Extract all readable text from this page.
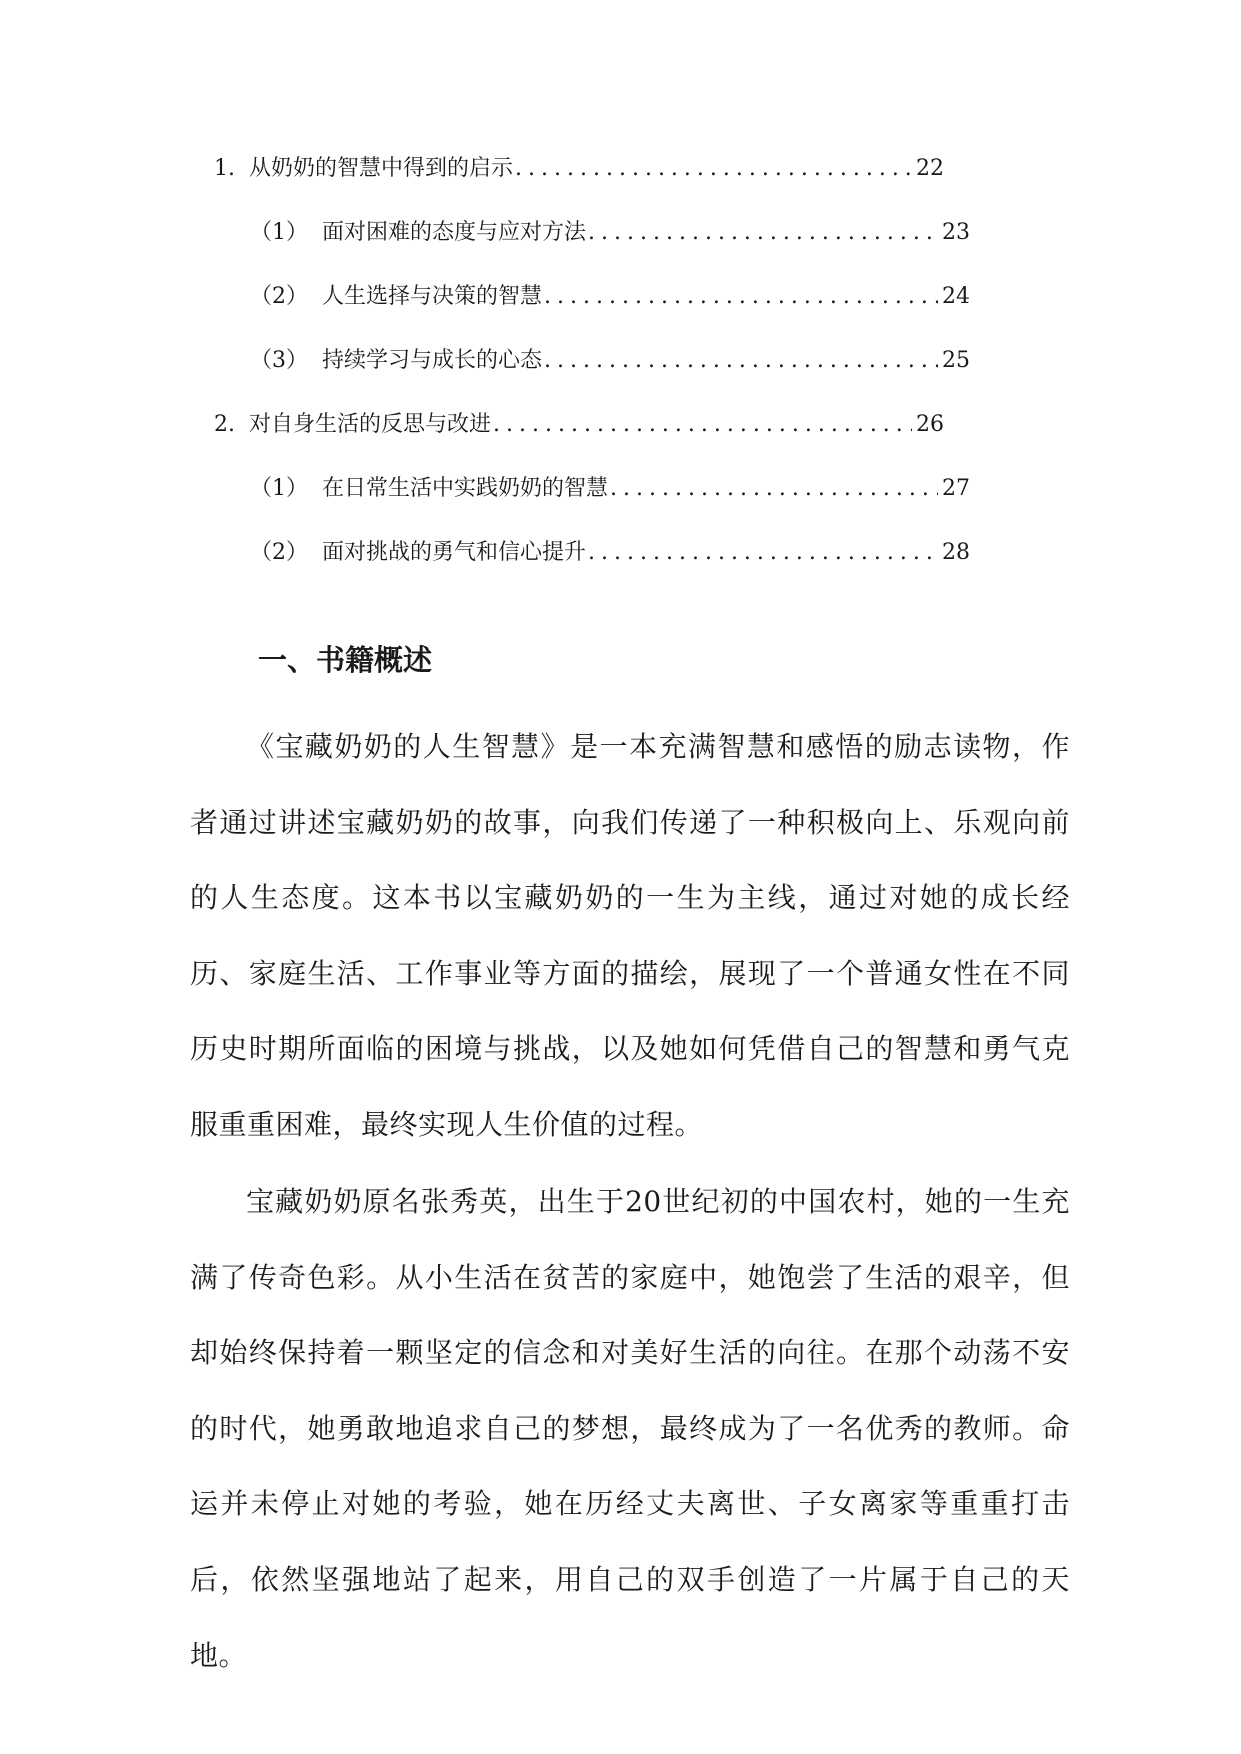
1. 从奶奶的智慧中得到的启示 .....	22
（1） 面对困难的态度与应对方法 .....	23
（2） 人生选择与决策的智慧 .....	24
（3） 持续学习与成长的心态 .....	25
2. 对自身生活的反思与改进 .....	26
（1） 在日常生活中实践奶奶的智慧 .....	27
（2） 面对挑战的勇气和信心提升 .....	28
一、书籍概述

《宝藏奶奶的人生智慧》是一本充满智慧和感悟的励志读物，作者通过讲述宝藏奶奶的故事，向我们传递了一种积极向上、乐观向前的人生态度。这本书以宝藏奶奶的一生为主线，通过对她的成长经历、家庭生活、工作事业等方面的描绘，展现了一个普通女性在不同历史时期所面临的困境与挑战，以及她如何凭借自己的智慧和勇气克服重重困难，最终实现人生价值的过程。

宝藏奶奶原名张秀英，出生于20世纪初的中国农村，她的一生充满了传奇色彩。从小生活在贫苦的家庭中，她饱尝了生活的艰辛，但却始终保持着一颗坚定的信念和对美好生活的向往。在那个动荡不安的时代，她勇敢地追求自己的梦想，最终成为了一名优秀的教师。命运并未停止对她的考验，她在历经丈夫离世、子女离家等重重打击后，依然坚强地站了起来，用自己的双手创造了一片属于自己的天地。
